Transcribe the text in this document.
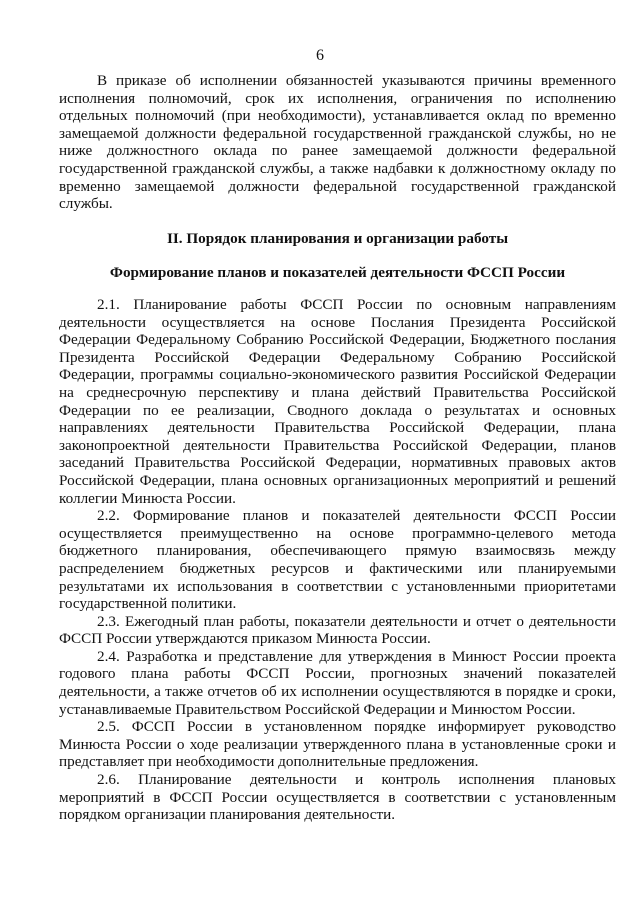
6

В приказе об исполнении обязанностей указываются причины временного исполнения полномочий, срок их исполнения, ограничения по исполнению отдельных полномочий (при необходимости), устанавливается оклад по временно замещаемой должности федеральной государственной гражданской службы, но не ниже должностного оклада по ранее замещаемой должности федеральной государственной гражданской службы, а также надбавки к должностному окладу по временно замещаемой должности федеральной государственной гражданской службы.

II. Порядок планирования и организации работы
Формирование планов и показателей деятельности ФССП России

2.1. Планирование работы ФССП России по основным направлениям деятельности осуществляется на основе Послания Президента Российской Федерации Федеральному Собранию Российской Федерации, Бюджетного послания Президента Российской Федерации Федеральному Собранию Российской Федерации, программы социально-экономического развития Российской Федерации на среднесрочную перспективу и плана действий Правительства Российской Федерации по ее реализации, Сводного доклада о результатах и основных направлениях деятельности Правительства Российской Федерации, плана законопроектной деятельности Правительства Российской Федерации, планов заседаний Правительства Российской Федерации, нормативных правовых актов Российской Федерации, плана основных организационных мероприятий и решений коллегии Минюста России.

2.2. Формирование планов и показателей деятельности ФССП России осуществляется преимущественно на основе программно-целевого метода бюджетного планирования, обеспечивающего прямую взаимосвязь между распределением бюджетных ресурсов и фактическими или планируемыми результатами их использования в соответствии с установленными приоритетами государственной политики.

2.3. Ежегодный план работы, показатели деятельности и отчет о деятельности ФССП России утверждаются приказом Минюста России.

2.4. Разработка и представление для утверждения в Минюст России проекта годового плана работы ФССП России, прогнозных значений показателей деятельности, а также отчетов об их исполнении осуществляются в порядке и сроки, устанавливаемые Правительством Российской Федерации и Минюстом России.

2.5. ФССП России в установленном порядке информирует руководство Минюста России о ходе реализации утвержденного плана в установленные сроки и представляет при необходимости дополнительные предложения.

2.6. Планирование деятельности и контроль исполнения плановых мероприятий в ФССП России осуществляется в соответствии с установленным порядком организации планирования деятельности.
